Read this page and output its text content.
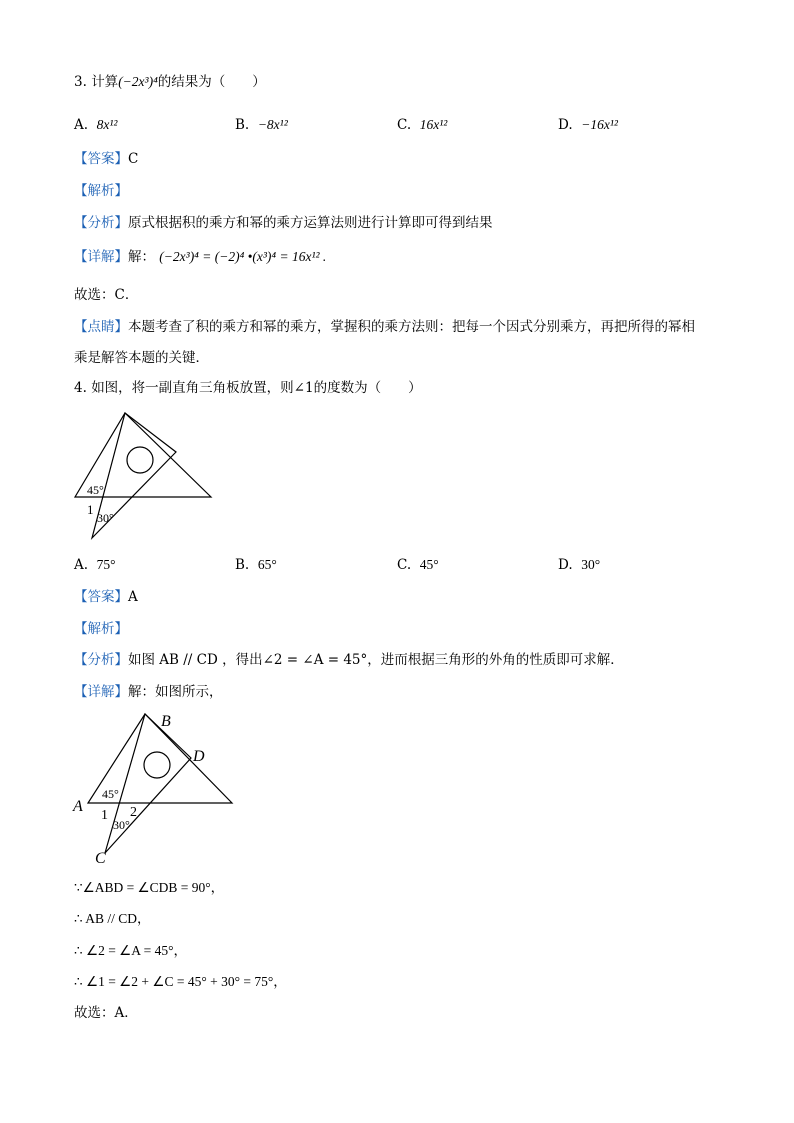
3. 计算(−2x³)⁴的结果为（　　）
A. 8x¹²	B. −8x¹²	C. 16x¹²	D. −16x¹²
【答案】C
【解析】
【分析】原式根据积的乘方和幂的乘方运算法则进行计算即可得到结果
【详解】解： (−2x³)⁴ = (−2)⁴ •(x³)⁴ = 16x¹² .
故选：C．
【点睛】本题考查了积的乘方和幂的乘方，掌握积的乘方法则：把每一个因式分别乘方，再把所得的幂相
乘是解答本题的关键．
4. 如图，将一副直角三角板放置，则∠1的度数为（　　）
45°
1
30°
A. 75°	B. 65°	C. 45°	D. 30°
【答案】A
【解析】
【分析】如图 AB // CD ，得出∠2 = ∠A = 45°，进而根据三角形的外角的性质即可求解．
【详解】解：如图所示，
A
B
C
D
45°
1 2
30°
∵∠ABD = ∠CDB = 90°，
∴ AB // CD，
∴ ∠2 = ∠A = 45°，
∴ ∠1 = ∠2 + ∠C = 45° + 30° = 75°，
故选：A．
